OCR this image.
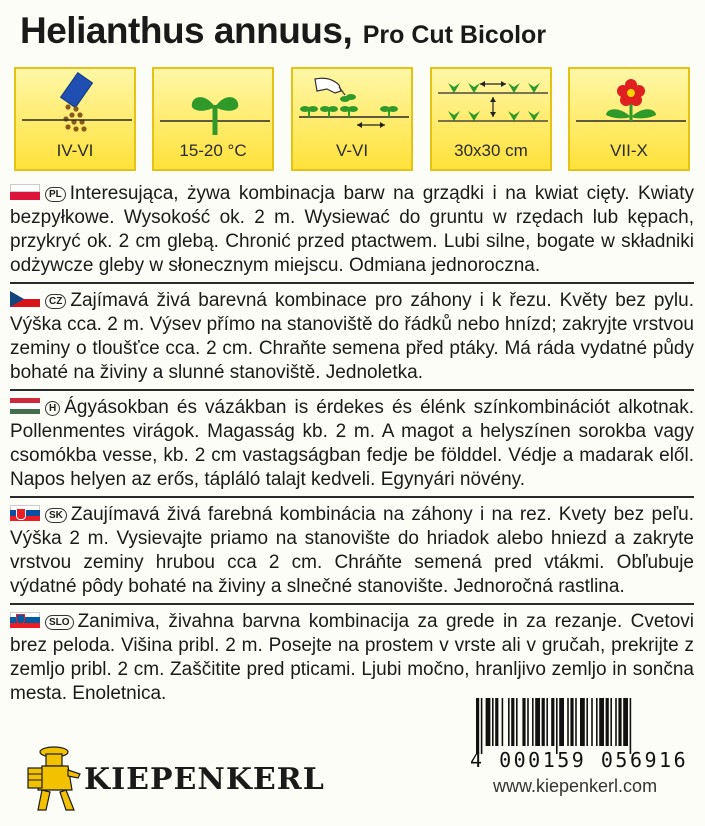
Helianthus annuus, Pro Cut Bicolor
IV-VI	15-20 °C	V-VI	30x30 cm	VII-X
PL Interesująca, żywa kombinacja barw na grządki i na kwiat cięty. Kwiaty bezpyłkowe. Wysokość ok. 2 m. Wysiewać do gruntu w rzędach lub kępach, przykryć ok. 2 cm glebą. Chronić przed ptactwem. Lubi silne, bogate w składniki odżywcze gleby w słonecznym miejscu. Odmiana jednoroczna.
CZ Zajímavá živá barevná kombinace pro záhony i k řezu. Květy bez pylu. Výška cca. 2 m. Výsev přímo na stanoviště do řádků nebo hnízd; zakryjte vrstvou zeminy o tloušťce cca. 2 cm. Chraňte semena před ptáky. Má ráda vydatné půdy bohaté na živiny a slunné stanoviště. Jednoletka.
H Ágyásokban és vázákban is érdekes és élénk színkombinációt alkotnak. Pollenmentes virágok. Magasság kb. 2 m. A magot a helyszínen sorokba vagy csomókba vesse, kb. 2 cm vastagságban fedje be földdel. Védje a madarak elől. Napos helyen az erős, tápláló talajt kedveli. Egynyári növény.
SK Zaujímavá živá farebná kombinácia na záhony i na rez. Kvety bez peľu. Výška 2 m. Vysievajte priamo na stanovište do hriadok alebo hniezd a zakryte vrstvou zeminy hrubou cca 2 cm. Chráňte semená pred vtákmi. Obľubuje výdatné pôdy bohaté na živiny a slnečné stanovište. Jednoročná rastlina.
SLO Zanimiva, živahna barvna kombinacija za grede in za rezanje. Cvetovi brez peloda. Višina pribl. 2 m. Posejte na prostem v vrste ali v gručah, prekrijte z zemljo pribl. 2 cm. Zaščitite pred pticami. Ljubi močno, hranljivo zemljo in sončna mesta. Enoletnica.
KIEPENKERL
4 000159 056916
www.kiepenkerl.com
